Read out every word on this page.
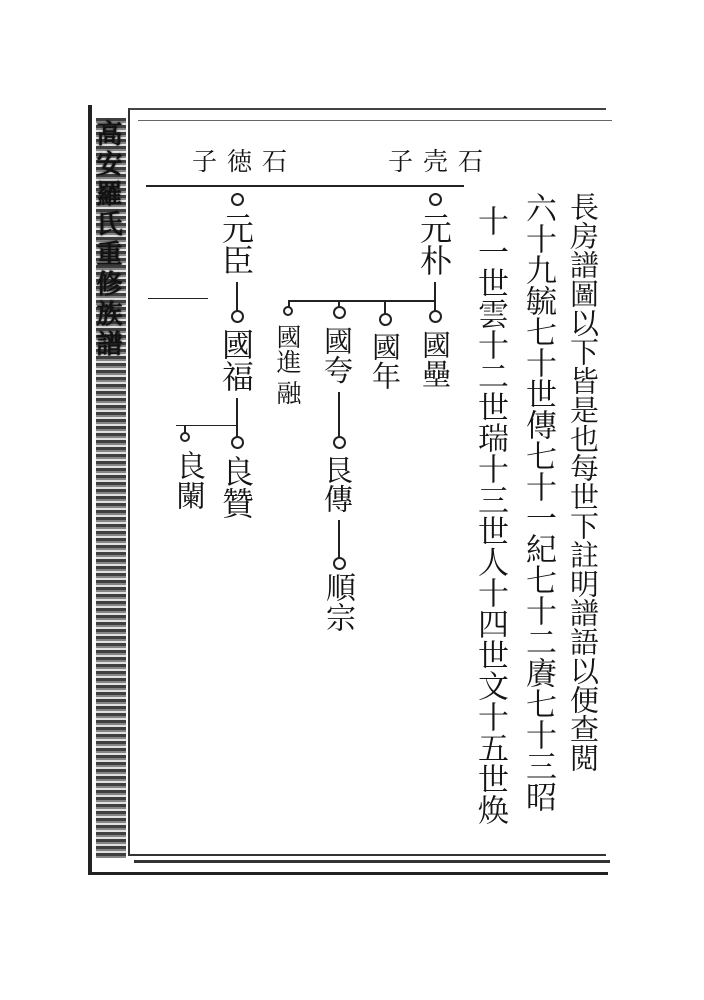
高安羅氏重修族譜	子徳石	子壳石
長房譜圖以下皆是也每世下註明譜語以便查閲
六十九毓七十世傳七十一紀七十二賡七十三昭
十一世雲十二世瑞十三世人十四世文十五世焕
元朴
國壘
國年
國夸
艮傳
順宗
國進
融
元臣
國福
良贊
良闌
